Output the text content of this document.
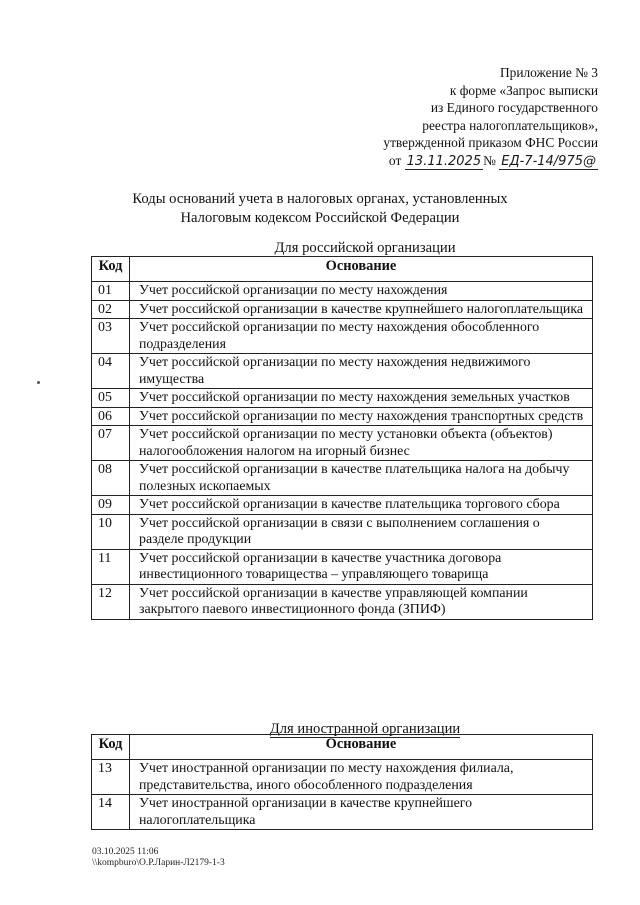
Приложение № 3
к форме «Запрос выписки
из Единого государственного
реестра налогоплательщиков»,
утвержденной приказом ФНС России
от 13.11.2025 № ЕД-7-14/975@
Коды оснований учета в налоговых органах, установленных
Налоговым кодексом Российской Федерации
Для российской организации
Код	Основание
01	Учет российской организации по месту нахождения
02	Учет российской организации в качестве крупнейшего налогоплательщика
03	Учет российской организации по месту нахождения обособленного подразделения
04	Учет российской организации по месту нахождения недвижимого имущества
05	Учет российской организации по месту нахождения земельных участков
06	Учет российской организации по месту нахождения транспортных средств
07	Учет российской организации по месту установки объекта (объектов) налогообложения налогом на игорный бизнес
08	Учет российской организации в качестве плательщика налога на добычу полезных ископаемых
09	Учет российской организации в качестве плательщика торгового сбора
10	Учет российской организации в связи с выполнением соглашения о разделе продукции
11	Учет российской организации в качестве участника договора инвестиционного товарищества – управляющего товарища
12	Учет российской организации в качестве управляющей компании закрытого паевого инвестиционного фонда (ЗПИФ)
Для иностранной организации
Код	Основание
13	Учет иностранной организации по месту нахождения филиала, представительства, иного обособленного подразделения
14	Учет иностранной организации в качестве крупнейшего налогоплательщика
03.10.2025 11:06
\\kompburo\О.Р.Ларин-Л2179-1-3
